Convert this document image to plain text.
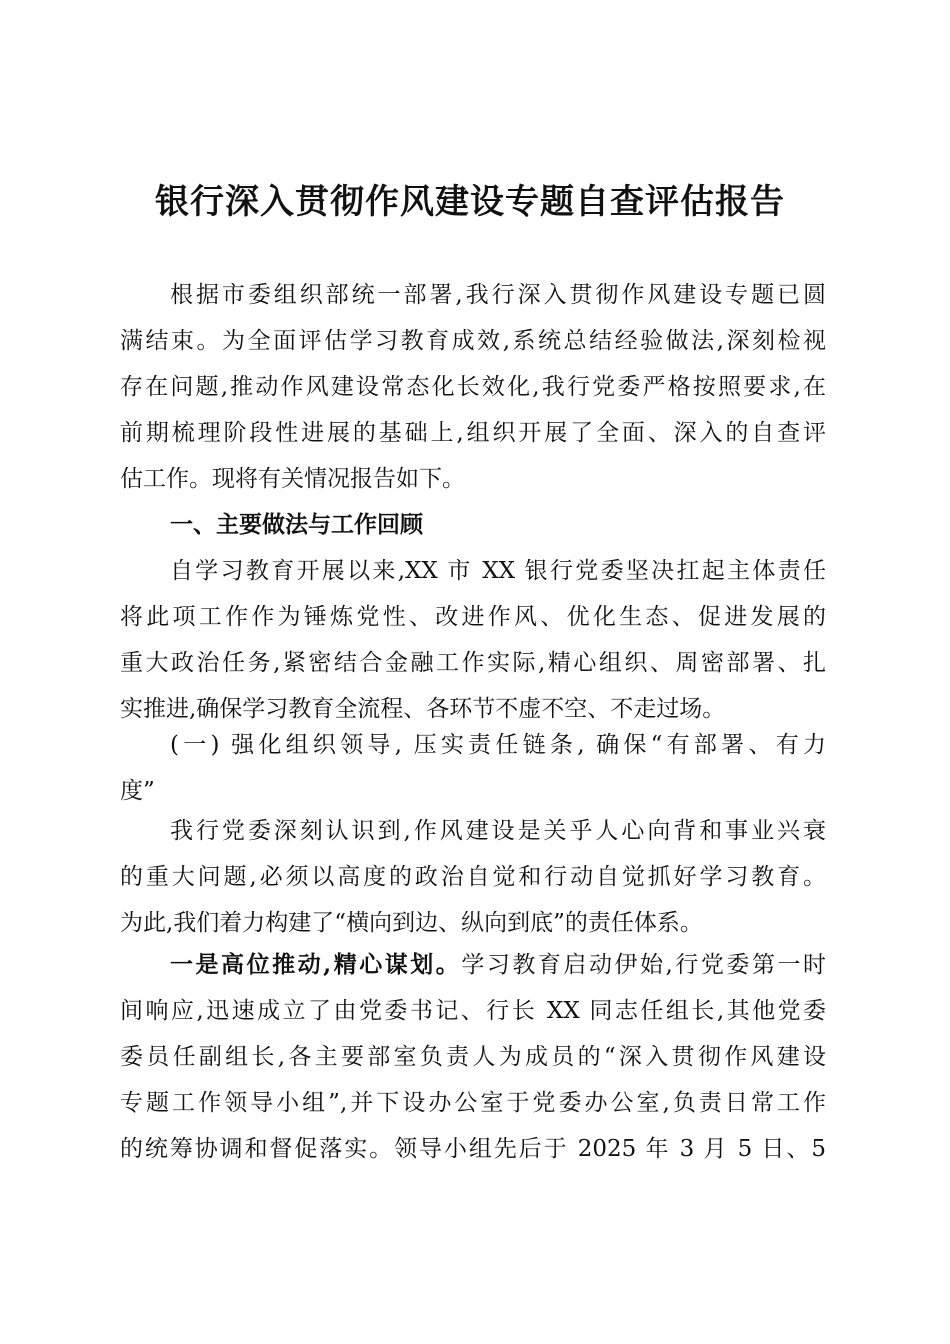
银行深入贯彻作风建设专题自查评估报告
根据市委组织部统一部署,我行深入贯彻作风建设专题已圆
满结束。为全面评估学习教育成效,系统总结经验做法,深刻检视
存在问题,推动作风建设常态化长效化,我行党委严格按照要求,在
前期梳理阶段性进展的基础上,组织开展了全面、深入的自查评
估工作。现将有关情况报告如下。
一、主要做法与工作回顾
自学习教育开展以来,XX 市 XX 银行党委坚决扛起主体责任
将此项工作作为锤炼党性、改进作风、优化生态、促进发展的
重大政治任务,紧密结合金融工作实际,精心组织、周密部署、扎
实推进,确保学习教育全流程、各环节不虚不空、不走过场。
(一) 强化组织领导, 压实责任链条, 确保“有部署、有力
度”
我行党委深刻认识到,作风建设是关乎人心向背和事业兴衰
的重大问题,必须以高度的政治自觉和行动自觉抓好学习教育。
为此,我们着力构建了“横向到边、纵向到底”的责任体系。
一是高位推动,精心谋划。学习教育启动伊始,行党委第一时
间响应,迅速成立了由党委书记、行长 XX 同志任组长,其他党委
委员任副组长,各主要部室负责人为成员的“深入贯彻作风建设
专题工作领导小组”,并下设办公室于党委办公室,负责日常工作
的统筹协调和督促落实。领导小组先后于 2025 年 3 月 5 日、5
